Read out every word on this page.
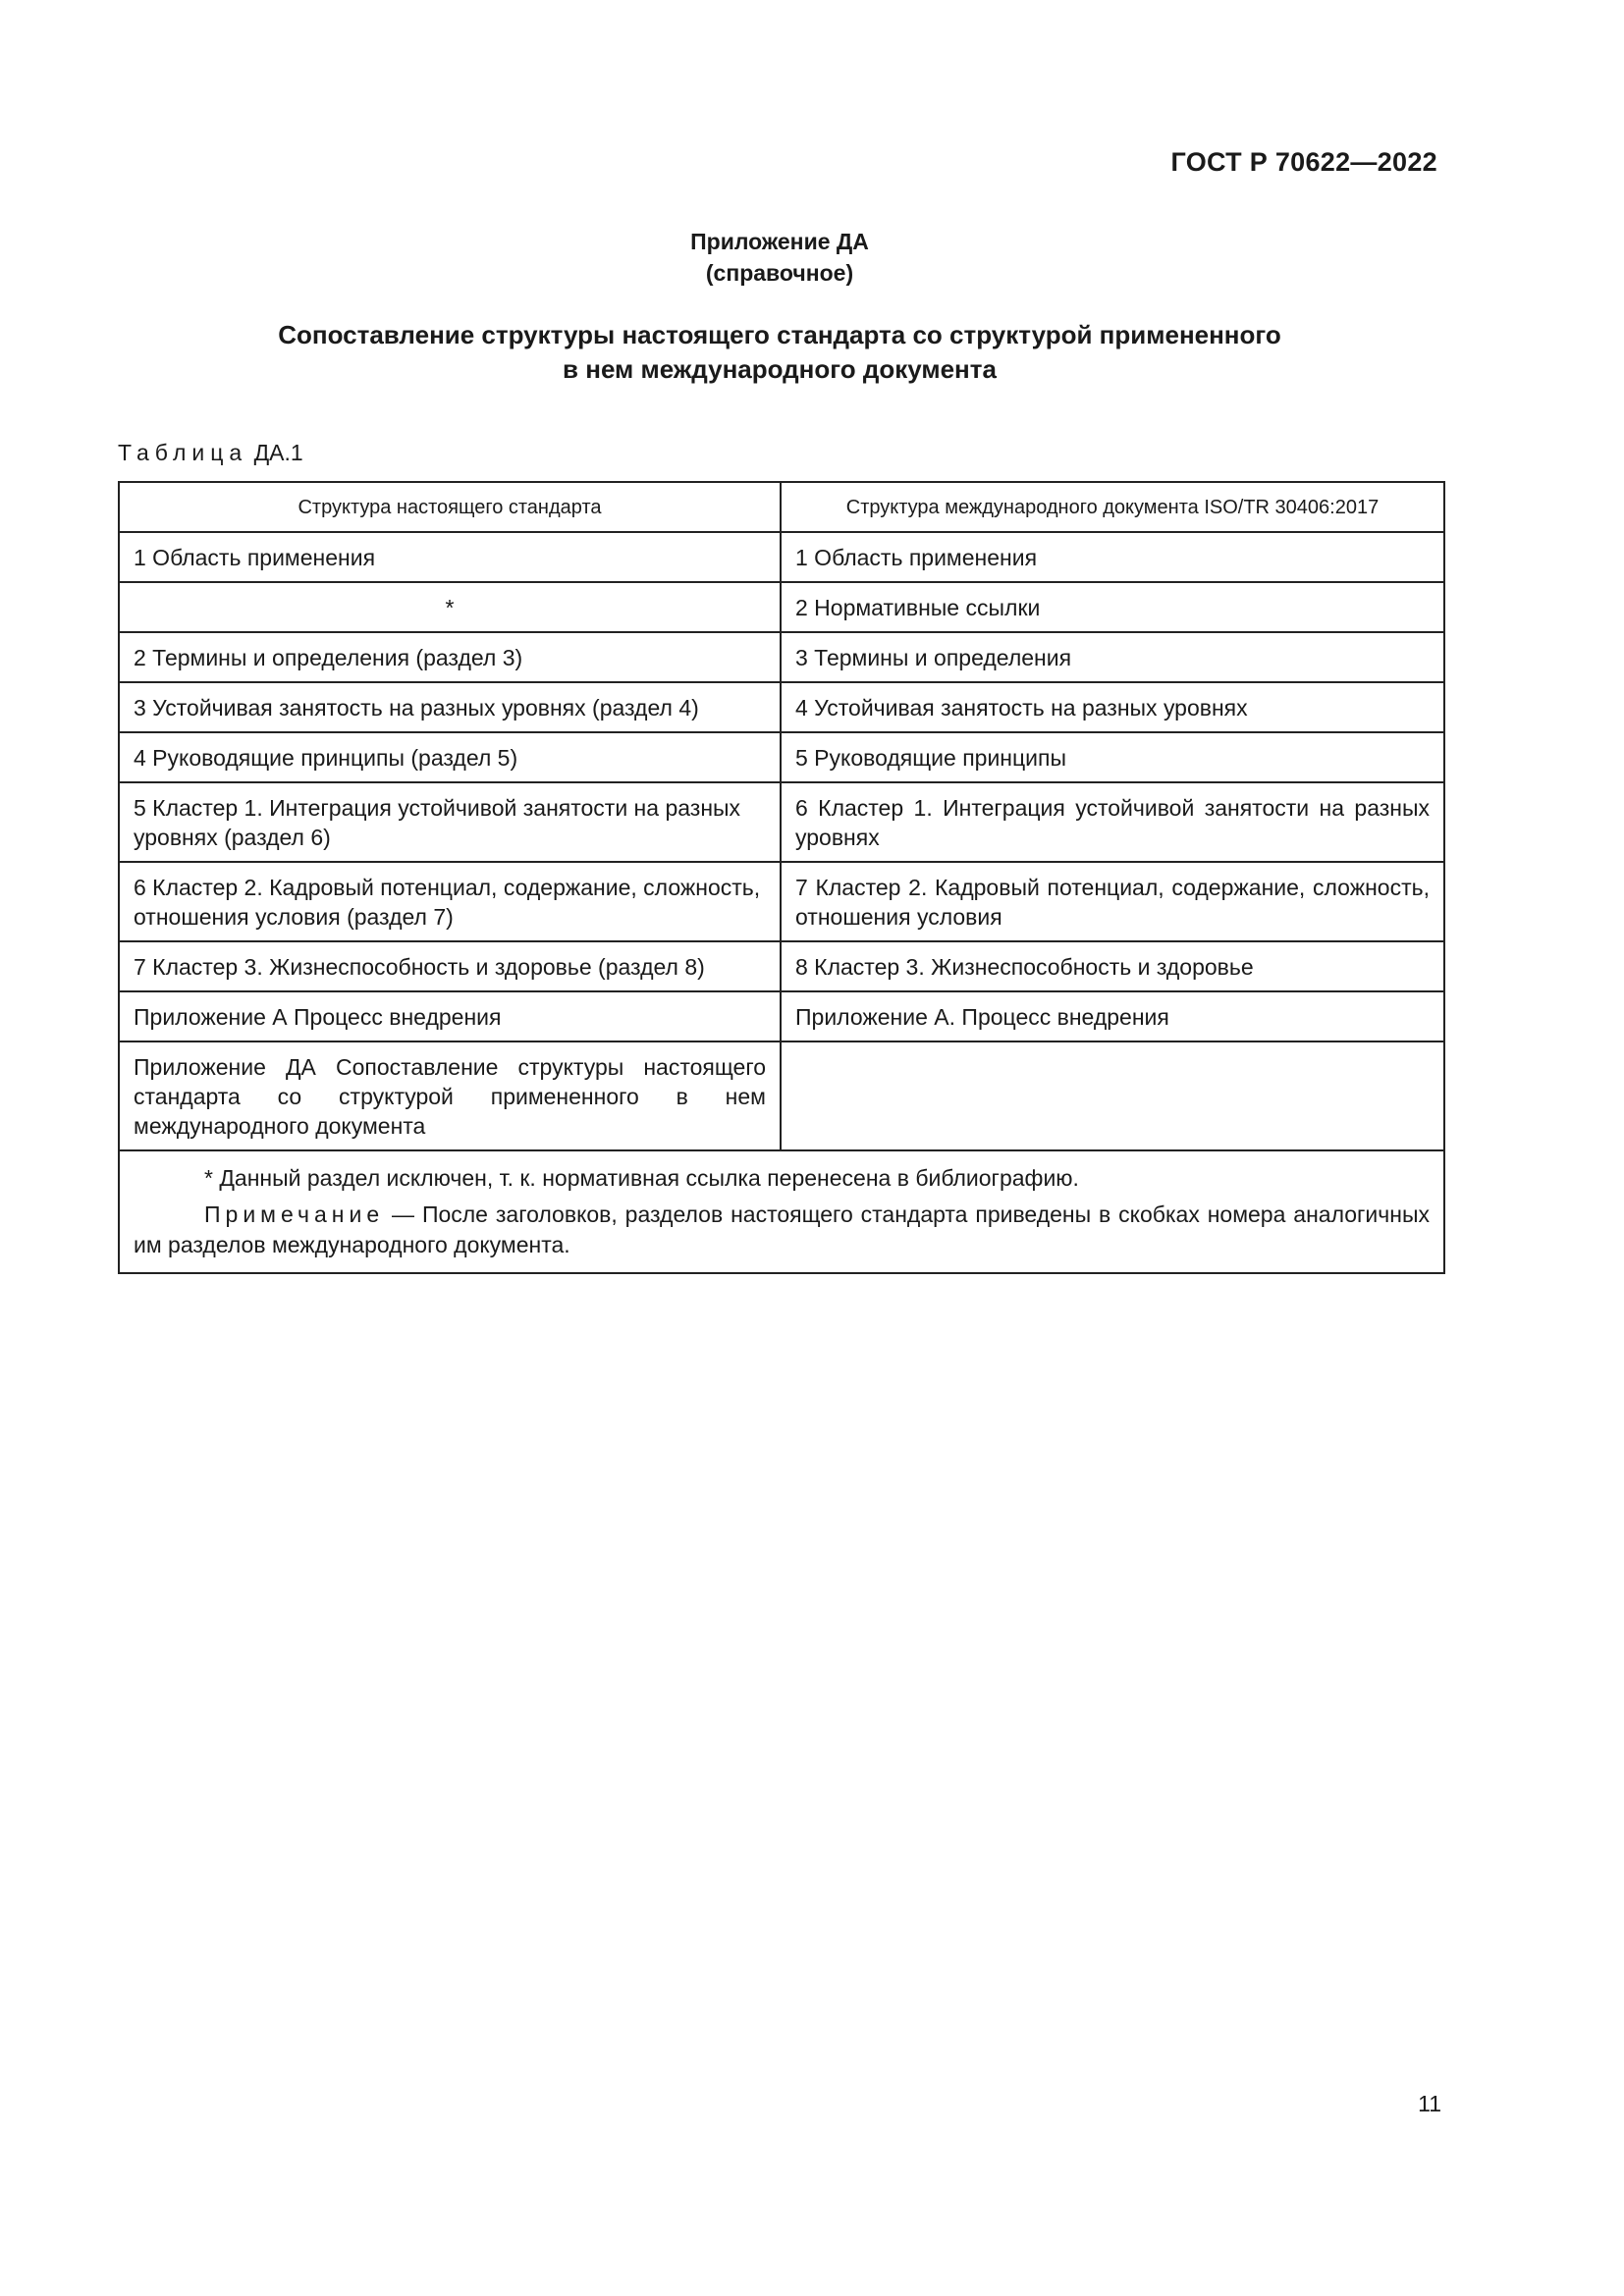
ГОСТ Р 70622—2022
Приложение ДА
(справочное)
Сопоставление структуры настоящего стандарта со структурой примененного
в нем международного документа
Таблица ДА.1
Структура настоящего стандарта	Структура международного документа ISO/TR 30406:2017
1 Область применения	1 Область применения
*	2 Нормативные ссылки
2 Термины и определения (раздел 3)	3 Термины и определения
3 Устойчивая занятость на разных уровнях (раздел 4)	4 Устойчивая занятость на разных уровнях
4 Руководящие принципы (раздел 5)	5 Руководящие принципы
5 Кластер 1. Интеграция устойчивой занятости на разных уровнях (раздел 6)	6 Кластер 1. Интеграция устойчивой занятости на разных уровнях
6 Кластер 2. Кадровый потенциал, содержание, сложность, отношения условия (раздел 7)	7 Кластер 2. Кадровый потенциал, содержание, сложность, отношения условия
7 Кластер 3. Жизнеспособность и здоровье (раздел 8)	8 Кластер 3. Жизнеспособность и здоровье
Приложение А Процесс внедрения	Приложение А. Процесс внедрения
Приложение ДА Сопоставление структуры настоящего стандарта со структурой примененного в нем международного документа	

* Данный раздел исключен, т. к. нормативная ссылка перенесена в библиографию.

Примечание — После заголовков, разделов настоящего стандарта приведены в скобках номера аналогичных им разделов международного документа.	

11
